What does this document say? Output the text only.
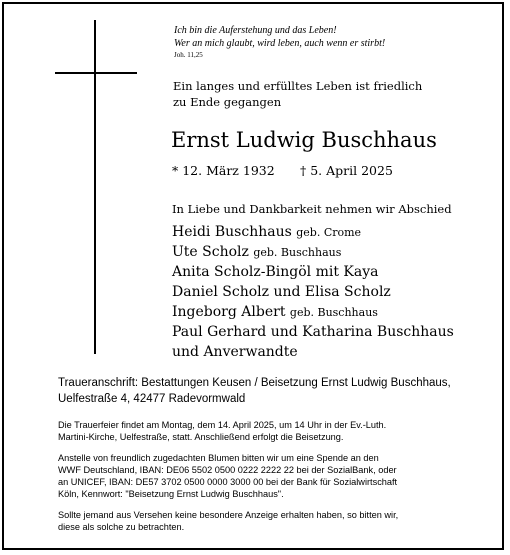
Ich bin die Auferstehung und das Leben!
Wer an mich glaubt, wird leben, auch wenn er stirbt!
Joh. 11,25
Ein langes und erfülltes Leben ist friedlich
zu Ende gegangen
Ernst Ludwig Buschhaus
* 12. März 1932 † 5. April 2025
In Liebe und Dankbarkeit nehmen wir Abschied
Heidi Buschhaus geb. Crome
Ute Scholz geb. Buschhaus
Anita Scholz-Bingöl mit Kaya
Daniel Scholz und Elisa Scholz
Ingeborg Albert geb. Buschhaus
Paul Gerhard und Katharina Buschhaus
und Anverwandte
Traueranschrift: Bestattungen Keusen / Beisetzung Ernst Ludwig Buschhaus,
Uelfestraße 4, 42477 Radevormwald
Die Trauerfeier findet am Montag, dem 14. April 2025, um 14 Uhr in der Ev.-Luth.
Martini-Kirche, Uelfestraße, statt. Anschließend erfolgt die Beisetzung.
Anstelle von freundlich zugedachten Blumen bitten wir um eine Spende an den
WWF Deutschland, IBAN: DE06 5502 0500 0222 2222 22 bei der SozialBank, oder
an UNICEF, IBAN: DE57 3702 0500 0000 3000 00 bei der Bank für Sozialwirtschaft
Köln, Kennwort: "Beisetzung Ernst Ludwig Buschhaus".
Sollte jemand aus Versehen keine besondere Anzeige erhalten haben, so bitten wir,
diese als solche zu betrachten.
